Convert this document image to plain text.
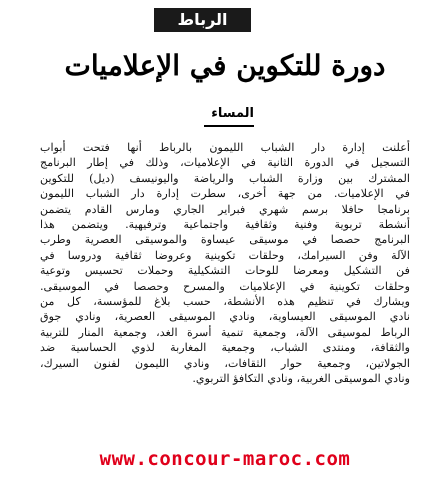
الرباط
دورة للتكوين في الإعلاميات
المساء
أعلنت إدارة دار الشباب الليمون بالرباط أنها فتحت أبواب
التسجيل في الدورة الثانية في الإعلاميات، وذلك في إطار البرنامج
المشترك بين وزارة الشباب والرياضة واليونيسف (ديل) للتكوين
في الإعلاميات. من جهة أخرى، سطرت إدارة دار الشباب الليمون
برنامجا حافلا برسم شهري فبراير الجاري ومارس القادم يتضمن
أنشطة تربوية وفنية وثقافية واجتماعية وترفيهية. ويتضمن هذا
البرنامج حصصا في موسيقى عيساوة والموسيقى العصرية وطرب
الآلة وفن السيرامك، وحلقات تكوينية وعروضا ثقافية ودروسا في
فن التشكيل ومعرضا للوحات التشكيلية وحملات تحسيس وتوعية
وحلقات تكوينية في الإعلاميات والمسرح وحصصا في الموسيقى.
ويشارك في تنظيم هذه الأنشطة، حسب بلاغ للمؤسسة، كل من
نادي الموسيقى العيساوية، ونادي الموسيقى العصرية، ونادي جوق
الرباط لموسيقى الآلة، وجمعية تنمية أسرة الغد، وجمعية المنار للتربية
والثقافة، ومنتدى الشباب، وجمعية المغاربة لذوي الحساسية ضد
الجولاتين، وجمعية حوار الثقافات، ونادي الليمون لفنون السيرك،
ونادي الموسيقى الغربية، ونادي التكافؤ التربوي.
www.concour-maroc.com
